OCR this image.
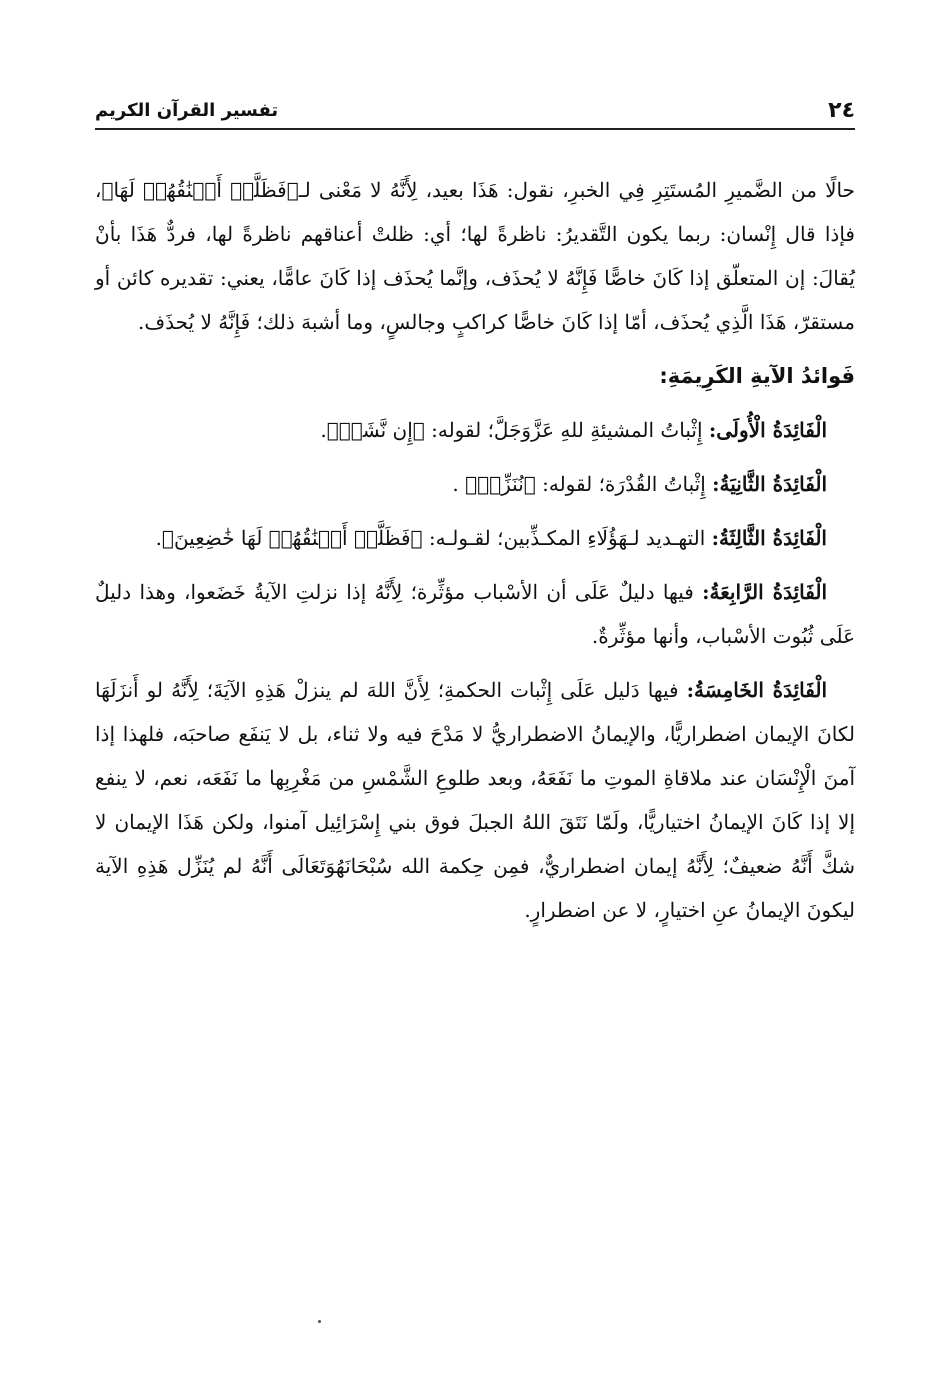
٢٤
تفسير القرآن الكريم

حالًا من الضَّميرِ المُستَتِرِ فِي الخبرِ، نقول: هَذَا بعيد، لِأَنَّهُ لا مَعْنى لـ﴿فَظَلَّتۡ أَعۡنَٰقُهُمۡ لَهَا﴾، فإذا قال إِنْسان: ربما يكون التَّقديرُ: ناظرةً لها؛ أي: ظلتْ أعناقهم ناظرةً لها، فردٌّ هَذَا بأنْ يُقالَ: إن المتعلّق إذا كَانَ خاصًّا فَإِنَّهُ لا يُحذَف، وإنَّما يُحذَف إذا كَانَ عامًّا، يعني: تقديره كائن أو مستقرّ، هَذَا الَّذِي يُحذَف، أمّا إذا كَانَ خاصًّا كراكبٍ وجالسٍ، وما أشبهَ ذلك؛ فَإِنَّهُ لا يُحذَف.

فَوائدُ الآيةِ الكَرِيمَةِ:

الْفَائِدَةُ الْأُولَى: إِثْباتُ المشيئةِ للهِ عَزَّوَجَلَّ؛ لقوله: ﴿إِن نَّشَأۡ﴾.

الْفَائِدَةُ الثَّانِيَةُ: إِثْباتُ القُدْرَة؛ لقوله: ﴿نُنَزِّلۡ﴾ .

الْفَائِدَةُ الثَّالِثَةُ: التهـديد لـهَؤُلَاءِ المكـذِّبين؛ لقـولـه: ﴿فَظَلَّتۡ أَعۡنَٰقُهُمۡ لَهَا خَٰضِعِينَ﴾.

الْفَائِدَةُ الرَّابِعَةُ: فيها دليلٌ عَلَى أن الأسْباب مؤثِّرة؛ لِأَنَّهُ إذا نزلتِ الآيةُ خَضَعوا، وهذا دليلٌ عَلَى ثُبُوت الأسْباب، وأنها مؤثِّرةٌ.

الْفَائِدَةُ الخَامِسَةُ: فيها دَليل عَلَى إِثْبات الحكمةِ؛ لِأَنَّ اللهَ لم ينزلْ هَذِهِ الآيَةَ؛ لِأَنَّهُ لو أَنزَلَهَا لكانَ الإيمان اضطراريًّا، والإيمانُ الاضطراريُّ لا مَدْحَ فيه ولا ثناء، بل لا يَنفَع صاحبَه، فلهذا إذا آمنَ الْإِنْسَان عند ملاقاةِ الموتِ ما نَفَعَهُ، وبعد طلوعِ الشَّمْسِ من مَغْرِبِها ما نَفَعَه، نعم، لا ينفع إلا إذا كَانَ الإيمانُ اختياريًّا، ولَمّا نَتَقَ اللهُ الجبلَ فوق بني إِسْرَائِيل آمنوا، ولكن هَذَا الإيمان لا شكَّ أَنَّهُ ضعيفٌ؛ لِأَنَّهُ إيمان اضطراريٌّ، فمِن حِكمة الله سُبْحَانَهُوَتَعَالَى أَنَّهُ لم يُنَزِّل هَذِهِ الآية ليكونَ الإيمانُ عنِ اختيارٍ، لا عن اضطرارٍ.
